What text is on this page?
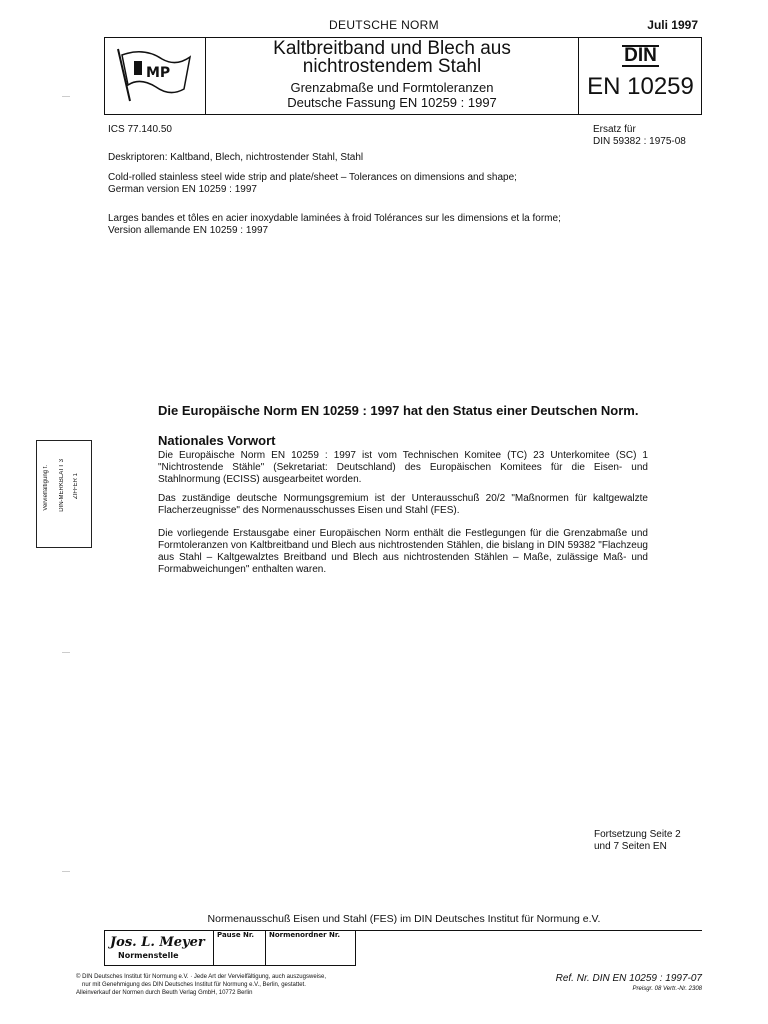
DEUTSCHE NORM	Juli 1997
MP
Kaltbreitband und Blech aus nichtrostendem Stahl
Grenzabmaße und Formtoleranzen
Deutsche Fassung EN 10259 : 1997
DIN
EN 10259
ICS 77.140.50	Ersatz für
DIN 59382 : 1975-08
Deskriptoren: Kaltband, Blech, nichtrostender Stahl, Stahl
Cold-rolled stainless steel wide strip and plate/sheet – Tolerances on dimensions and shape;
German version EN 10259 : 1997
Larges bandes et tôles en acier inoxydable laminées à froid Tolérances sur les dimensions et la forme;
Version allemande EN 10259 : 1997
Die Europäische Norm EN 10259 : 1997 hat den Status einer Deutschen Norm.
Nationales Vorwort
Die Europäische Norm EN 10259 : 1997 ist vom Technischen Komitee (TC) 23 Unterkomitee (SC) 1 "Nichtrostende Stähle" (Sekretariat: Deutschland) des Europäischen Komitees für die Eisen- und Stahlnormung (ECISS) ausgearbeitet worden.
Das zuständige deutsche Normungsgremium ist der Unterausschuß 20/2 "Maßnormen für kaltgewalzte Flacherzeugnisse" des Normenausschusses Eisen und Stahl (FES).
Die vorliegende Erstausgabe einer Europäischen Norm enthält die Festlegungen für die Grenzabmaße und Formtoleranzen von Kaltbreitband und Blech aus nichtrostenden Stählen, die bislang in DIN 59382 "Flachzeug aus Stahl – Kaltgewalztes Breitband und Blech aus nichtrostenden Stählen – Maße, zulässige Maß- und Formabweichungen" enthalten waren.
Fortsetzung Seite 2
und 7 Seiten EN
Normenausschuß Eisen und Stahl (FES) im DIN Deutsches Institut für Normung e.V.
Jos. L. Meyer
Normenstelle
Pause Nr.	Normenordner Nr.
© DIN Deutsches Institut für Normung e.V. · Jede Art der Vervielfältigung, auch auszugsweise,
nur mit Genehmigung des DIN Deutsches Institut für Normung e.V., Berlin, gestattet.
Alleinverkauf der Normen durch Beuth Verlag GmbH, 10772 Berlin
Ref. Nr. DIN EN 10259 : 1997-07
Preisgr. 08 Vertr.-Nr. 2308
Vervielfältigung f. DIN-MERKBLATT 3 ZIFFER 1
